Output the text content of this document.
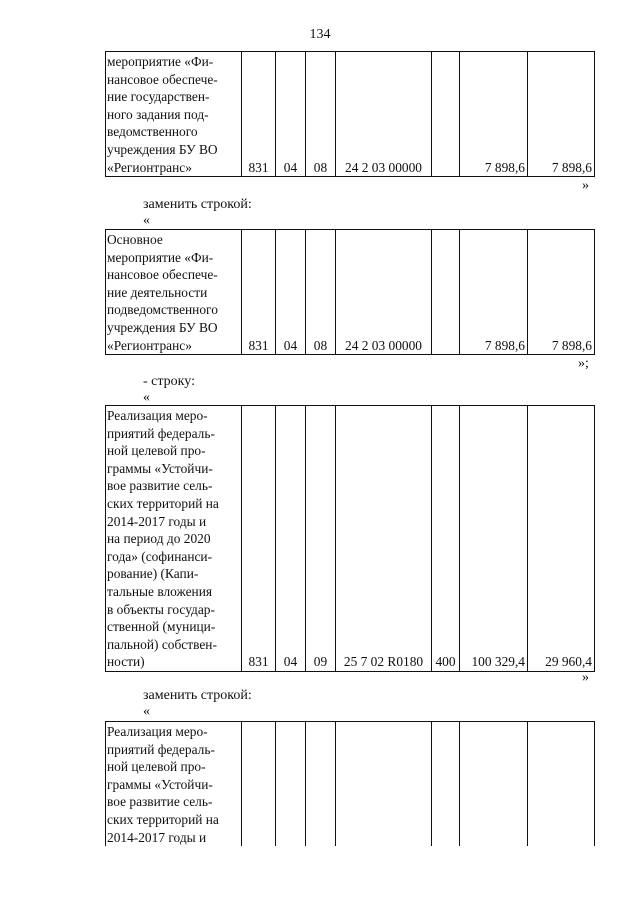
134
мероприятие «Фи-
нансовое обеспече-
ние государствен-
ного задания под-
ведомственного
учреждения БУ ВО
«Регионтранс»	831	04	08	24 2 03 00000		7 898,6	7 898,6
»
заменить строкой:
«
Основное
мероприятие «Фи-
нансовое обеспече-
ние деятельности
подведомственного
учреждения БУ ВО
«Регионтранс»	831	04	08	24 2 03 00000		7 898,6	7 898,6
»;
- строку:
«
Реализация меро-
приятий федераль-
ной целевой про-
граммы «Устойчи-
вое развитие сель-
ских территорий на
2014-2017 годы и
на период до 2020
года» (софинанси-
рование) (Капи-
тальные вложения
в объекты государ-
ственной (муници-
пальной) собствен-
ности)	831	04	09	25 7 02 R0180	400	100 329,4	29 960,4
»
заменить строкой:
«
Реализация меро-
приятий федераль-
ной целевой про-
граммы «Устойчи-
вое развитие сель-
ских территорий на
2014-2017 годы и							
